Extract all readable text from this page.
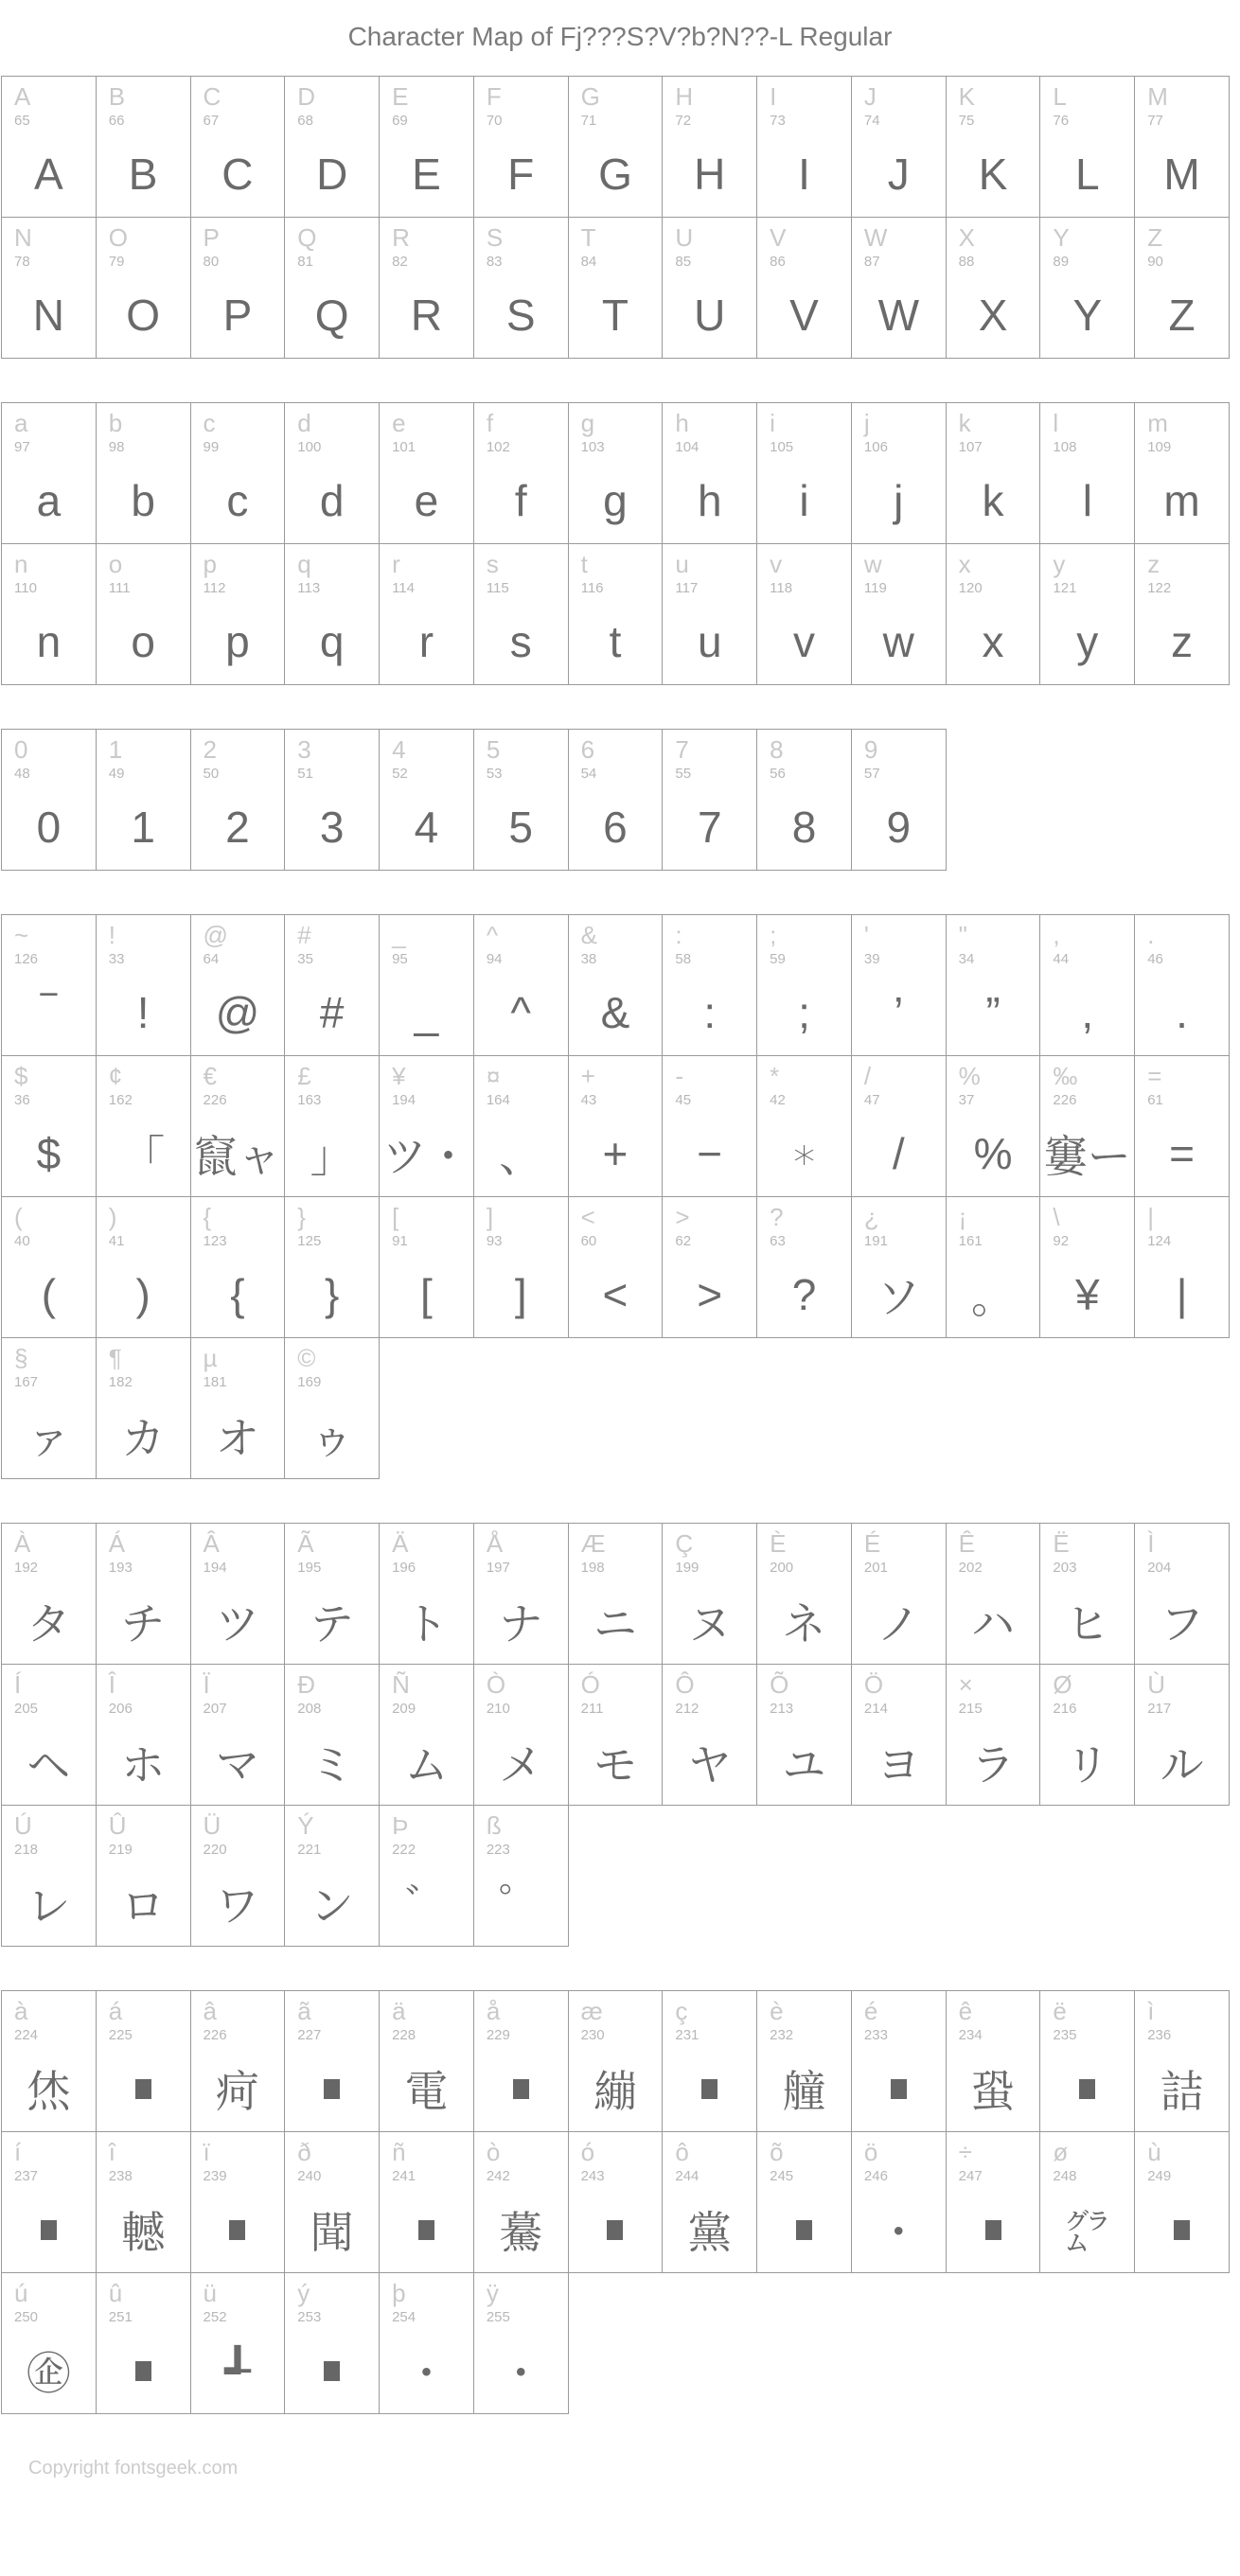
Character Map of Fj???S?V?b?N??-L Regular
A
65
A
B
66
B
C
67
C
D
68
D
E
69
E
F
70
F
G
71
G
H
72
H
I
73
I
J
74
J
K
75
K
L
76
L
M
77
M
N
78
N
O
79
O
P
80
P
Q
81
Q
R
82
R
S
83
S
T
84
T
U
85
U
V
86
V
W
87
W
X
88
X
Y
89
Y
Z
90
Z
a
97
a
b
98
b
c
99
c
d
100
d
e
101
e
f
102
f
g
103
g
h
104
h
i
105
i
j
106
j
k
107
k
l
108
l
m
109
m
n
110
n
o
111
o
p
112
p
q
113
q
r
114
r
s
115
s
t
116
t
u
117
u
v
118
v
w
119
w
x
120
x
y
121
y
z
122
z
0
48
0
1
49
1
2
50
2
3
51
3
4
52
4
5
53
5
6
54
6
7
55
7
8
56
8
9
57
9
~
126
‾
!
33
!
@
64
@
#
35
#
_
95
_
^
94
^
&
38
&
:
58
:
;
59
;
'
39
’
"
34
”
,
44
,
.
46
.
$
36
$
¢
162
「
€
226
竄ャ
£
163
」
¥
194
ツ・
¤
164
、
+
43
+
-
45
−
*
42
∗
/
47
/
%
37
%
‰
226
窶ー
=
61
=
(
40
(
)
41
)
{
123
{
}
125
}
[
91
[
]
93
]
<
60
<
>
62
>
?
63
?
¿
191
ソ
¡
161
。
\
92
¥
|
124
|
§
167
ァ
¶
182
カ
µ
181
オ
©
169
ゥ
À
192
タ
Á
193
チ
Â
194
ツ
Ã
195
テ
Ä
196
ト
Å
197
ナ
Æ
198
ニ
Ç
199
ヌ
È
200
ネ
É
201
ノ
Ê
202
ハ
Ë
203
ヒ
Ì
204
フ
Í
205
ヘ
Î
206
ホ
Ï
207
マ
Ð
208
ミ
Ñ
209
ム
Ò
210
メ
Ó
211
モ
Ô
212
ヤ
Õ
213
ユ
Ö
214
ヨ
×
215
ラ
Ø
216
リ
Ù
217
ル
Ú
218
レ
Û
219
ロ
Ü
220
ワ
Ý
221
ン
Þ
222
゛
ß
223
゜
à
224
烋
á
225
â
226
疴
ã
227
ä
228
電
å
229
æ
230
繃
ç
231
è
232
艟
é
233
ê
234
蛩
ë
235
ì
236
詰
í
237
î
238
轗
ï
239
ð
240
聞
ñ
241
ò
242
驀
ó
243
ô
244
黨
õ
245
ö
246
・
÷
247
ø
248
㌘
ù
249
ú
250
㊭
û
251
ü
252
┹
ý
253
þ
254
・
ÿ
255
・
Copyright fontsgeek.com
